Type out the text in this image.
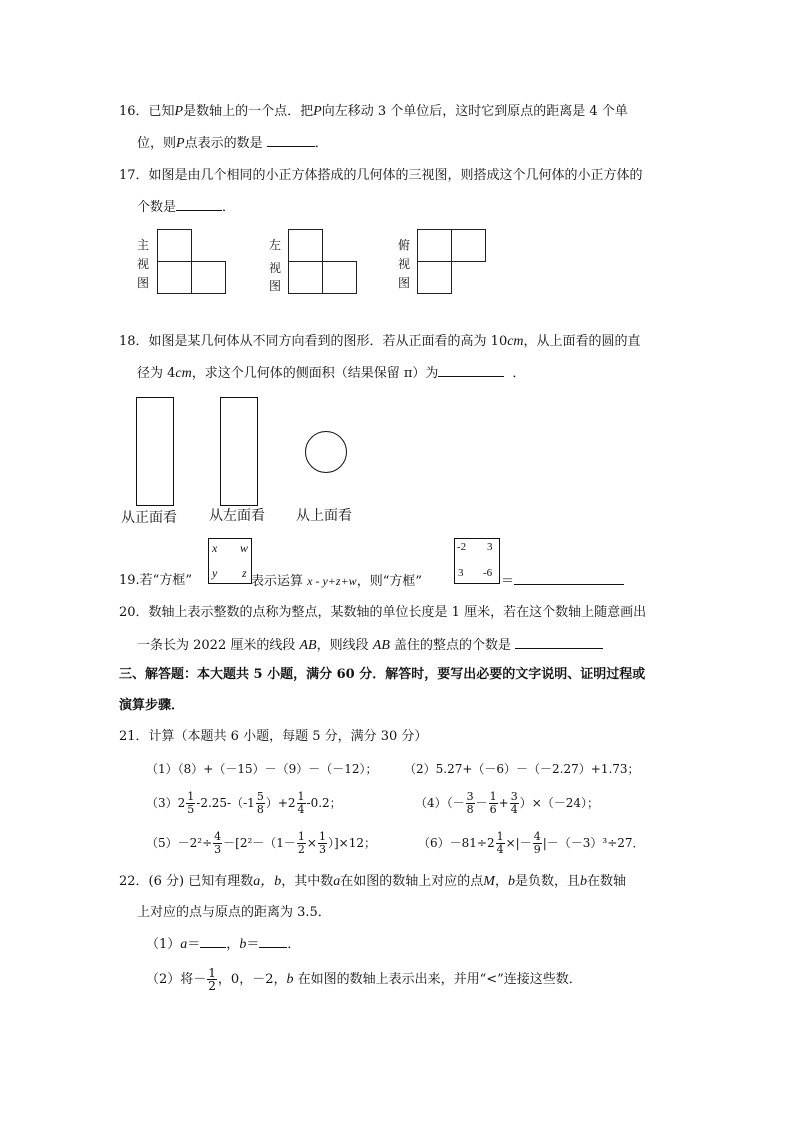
16．已知P是数轴上的一个点．把P向左移动 3 个单位后，这时它到原点的距离是 4 个单
位，则P点表示的数是	．
17．如图是由几个相同的小正方体搭成的几何体的三视图，则搭成这个几何体的小正方体的
个数是	．
主
视
图
左
视
图
俯
视
图
18．如图是某几何体从不同方向看到的图形．若从正面看的高为 10cm，从上面看的圆的直
径为 4cm，求这个几何体的侧面积（结果保留 π）为	．
从正面看 从左面看 从上面看
19.若“方框”
x w
y z
表示运算 x - y+z+w，则“方框”
-2 3
3 -6
＝
20．数轴上表示整数的点称为整点，某数轴的单位长度是 1 厘米，若在这个数轴上随意画出
一条长为 2022 厘米的线段 AB，则线段 AB 盖住的整点的个数是
三、解答题：本大题共 5 小题，满分 60 分．解答时，要写出必要的文字说明、证明过程或
演算步骤．
21．计算（本题共 6 小题，每题 5 分，满分 30 分）
（1）（8）+（－15）－（9）－（－12）； （2）5.27+（－6）－（－2.27）+1.73；
$(3)2 \frac{1}{5} -2.25-(-1 \frac{5}{8} )+2 \frac{1}{4} -0.2$；	$(4)(- \frac{3}{8} - \frac{1}{6} + \frac{3}{4} )\times(-24)$；
$(5)-2^2\div \frac{4}{3} -[2^2-(1- \frac{1}{2} \times \frac{1}{3} )]\times 12$；	$(6)-81\div 2 \frac{1}{4}$ ×|－ $\frac{4}{9} |-(-3)^3\div 27$．
22．(6 分) 已知有理数a，b，其中数a在如图的数轴上对应的点M，b是负数，且b在数轴
上对应的点与原点的距离为 3.5．
（1）a＝ ，b＝ ．
（2）将－ $\frac{1}{2}$ ，0，－2，b 在如图的数轴上表示出来，并用“<”连接这些数．
